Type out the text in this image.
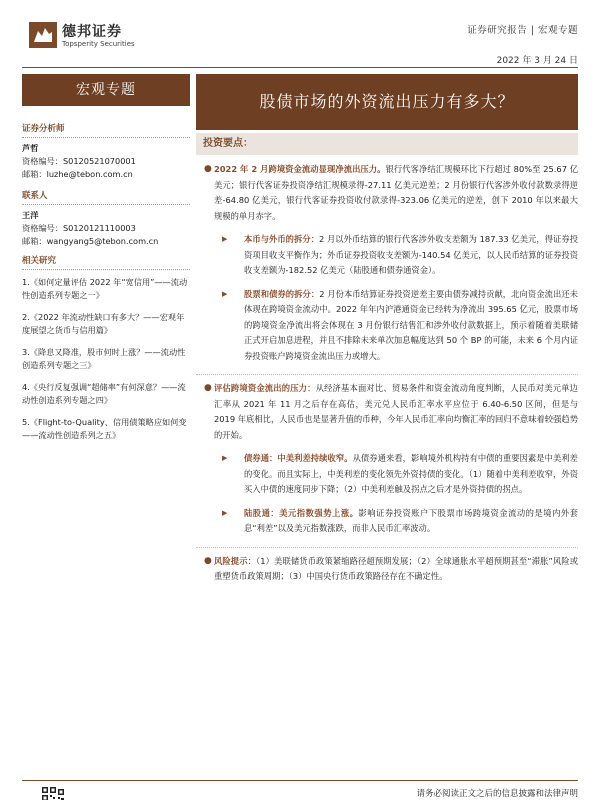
德邦证券
Topsperity Securities
证券研究报告 | 宏观专题
2022 年 3 月 24 日
宏观专题
证券分析师
芦哲
资格编号：S0120521070001
邮箱：luzhe@tebon.com.cn
联系人
王洋
资格编号：S0120121110003
邮箱：wangyang5@tebon.com.cn
相关研究
1.《如何定量评估 2022 年“宽信用”——流动性创造系列专题之一》
2.《2022 年流动性缺口有多大？——宏观年度展望之货币与信用篇》
3.《降息又降准，股市何时上涨？——流动性创造系列专题之三》
4.《央行反复强调“超储率”有何深意？——流动性创造系列专题之四》
5.《Flight-to-Quality、信用债策略应如何变——流动性创造系列之五》
股债市场的外资流出压力有多大？
投资要点：
● 2022 年 2 月跨境资金流动显现净流出压力。银行代客净结汇规模环比下行超过 80%至 25.67 亿美元；银行代客证券投资净结汇规模录得-27.11 亿美元逆差；2 月份银行代客涉外收付款数录得逆差-64.80 亿美元，银行代客证券投资收付款录得-323.06 亿美元的逆差，创下 2010 年以来最大规模的单月赤字。
▶ 本币与外币的拆分：2 月以外币结算的银行代客涉外收支差额为 187.33 亿美元，得证券投资项目收支平衡作为；外币证券投资收支差额为-140.54 亿美元，以人民币结算的证券投资收支差额为-182.52 亿美元（陆股通和债券通资金）。
▶ 股票和债券的拆分：2 月份本币结算证券投资逆差主要由债券减持贡献，北向资金流出还未体现在跨境资金流动中。2022 年年内沪港通资金已经转为净流出 395.65 亿元，股票市场的跨境资金净流出将会体现在 3 月份银行结售汇和涉外收付款数据上，预示着随着美联储正式开启加息进程，并且不排除未来单次加息幅度达到 50 个 BP 的可能，未来 6 个月内证券投资账户跨境资金流出压力或增大。
● 评估跨境资金流出的压力：从经济基本面对比、贸易条件和资金流动角度判断，人民币对美元单边汇率从 2021 年 11 月之后存在高估，美元兑人民币汇率水平应位于 6.40-6.50 区间，但是与 2019 年底相比，人民币也是显著升值的币种，今年人民币汇率向均衡汇率的回归不意味着较强趋势的开始。
▶ 债券通：中美利差持续收窄。从债券通来看，影响境外机构持有中债的重要因素是中美利差的变化。而且实际上，中美利差的变化领先外资持债的变化。（1）随着中美利差收窄，外资买入中债的速度同步下降；（2）中美利差触及拐点之后才是外资持债的拐点。
▶ 陆股通：美元指数强势上涨。影响证券投资账户下股票市场跨境资金流动的是境内外套息“利差”以及美元指数涨跌，而非人民币汇率波动。
● 风险提示：（1）美联储货币政策紧缩路径超预期发展；（2）全球通胀水平超预期甚至“滞胀”风险或重塑货币政策周期；（3）中国央行货币政策路径存在不确定性。
请务必阅读正文之后的信息披露和法律声明
